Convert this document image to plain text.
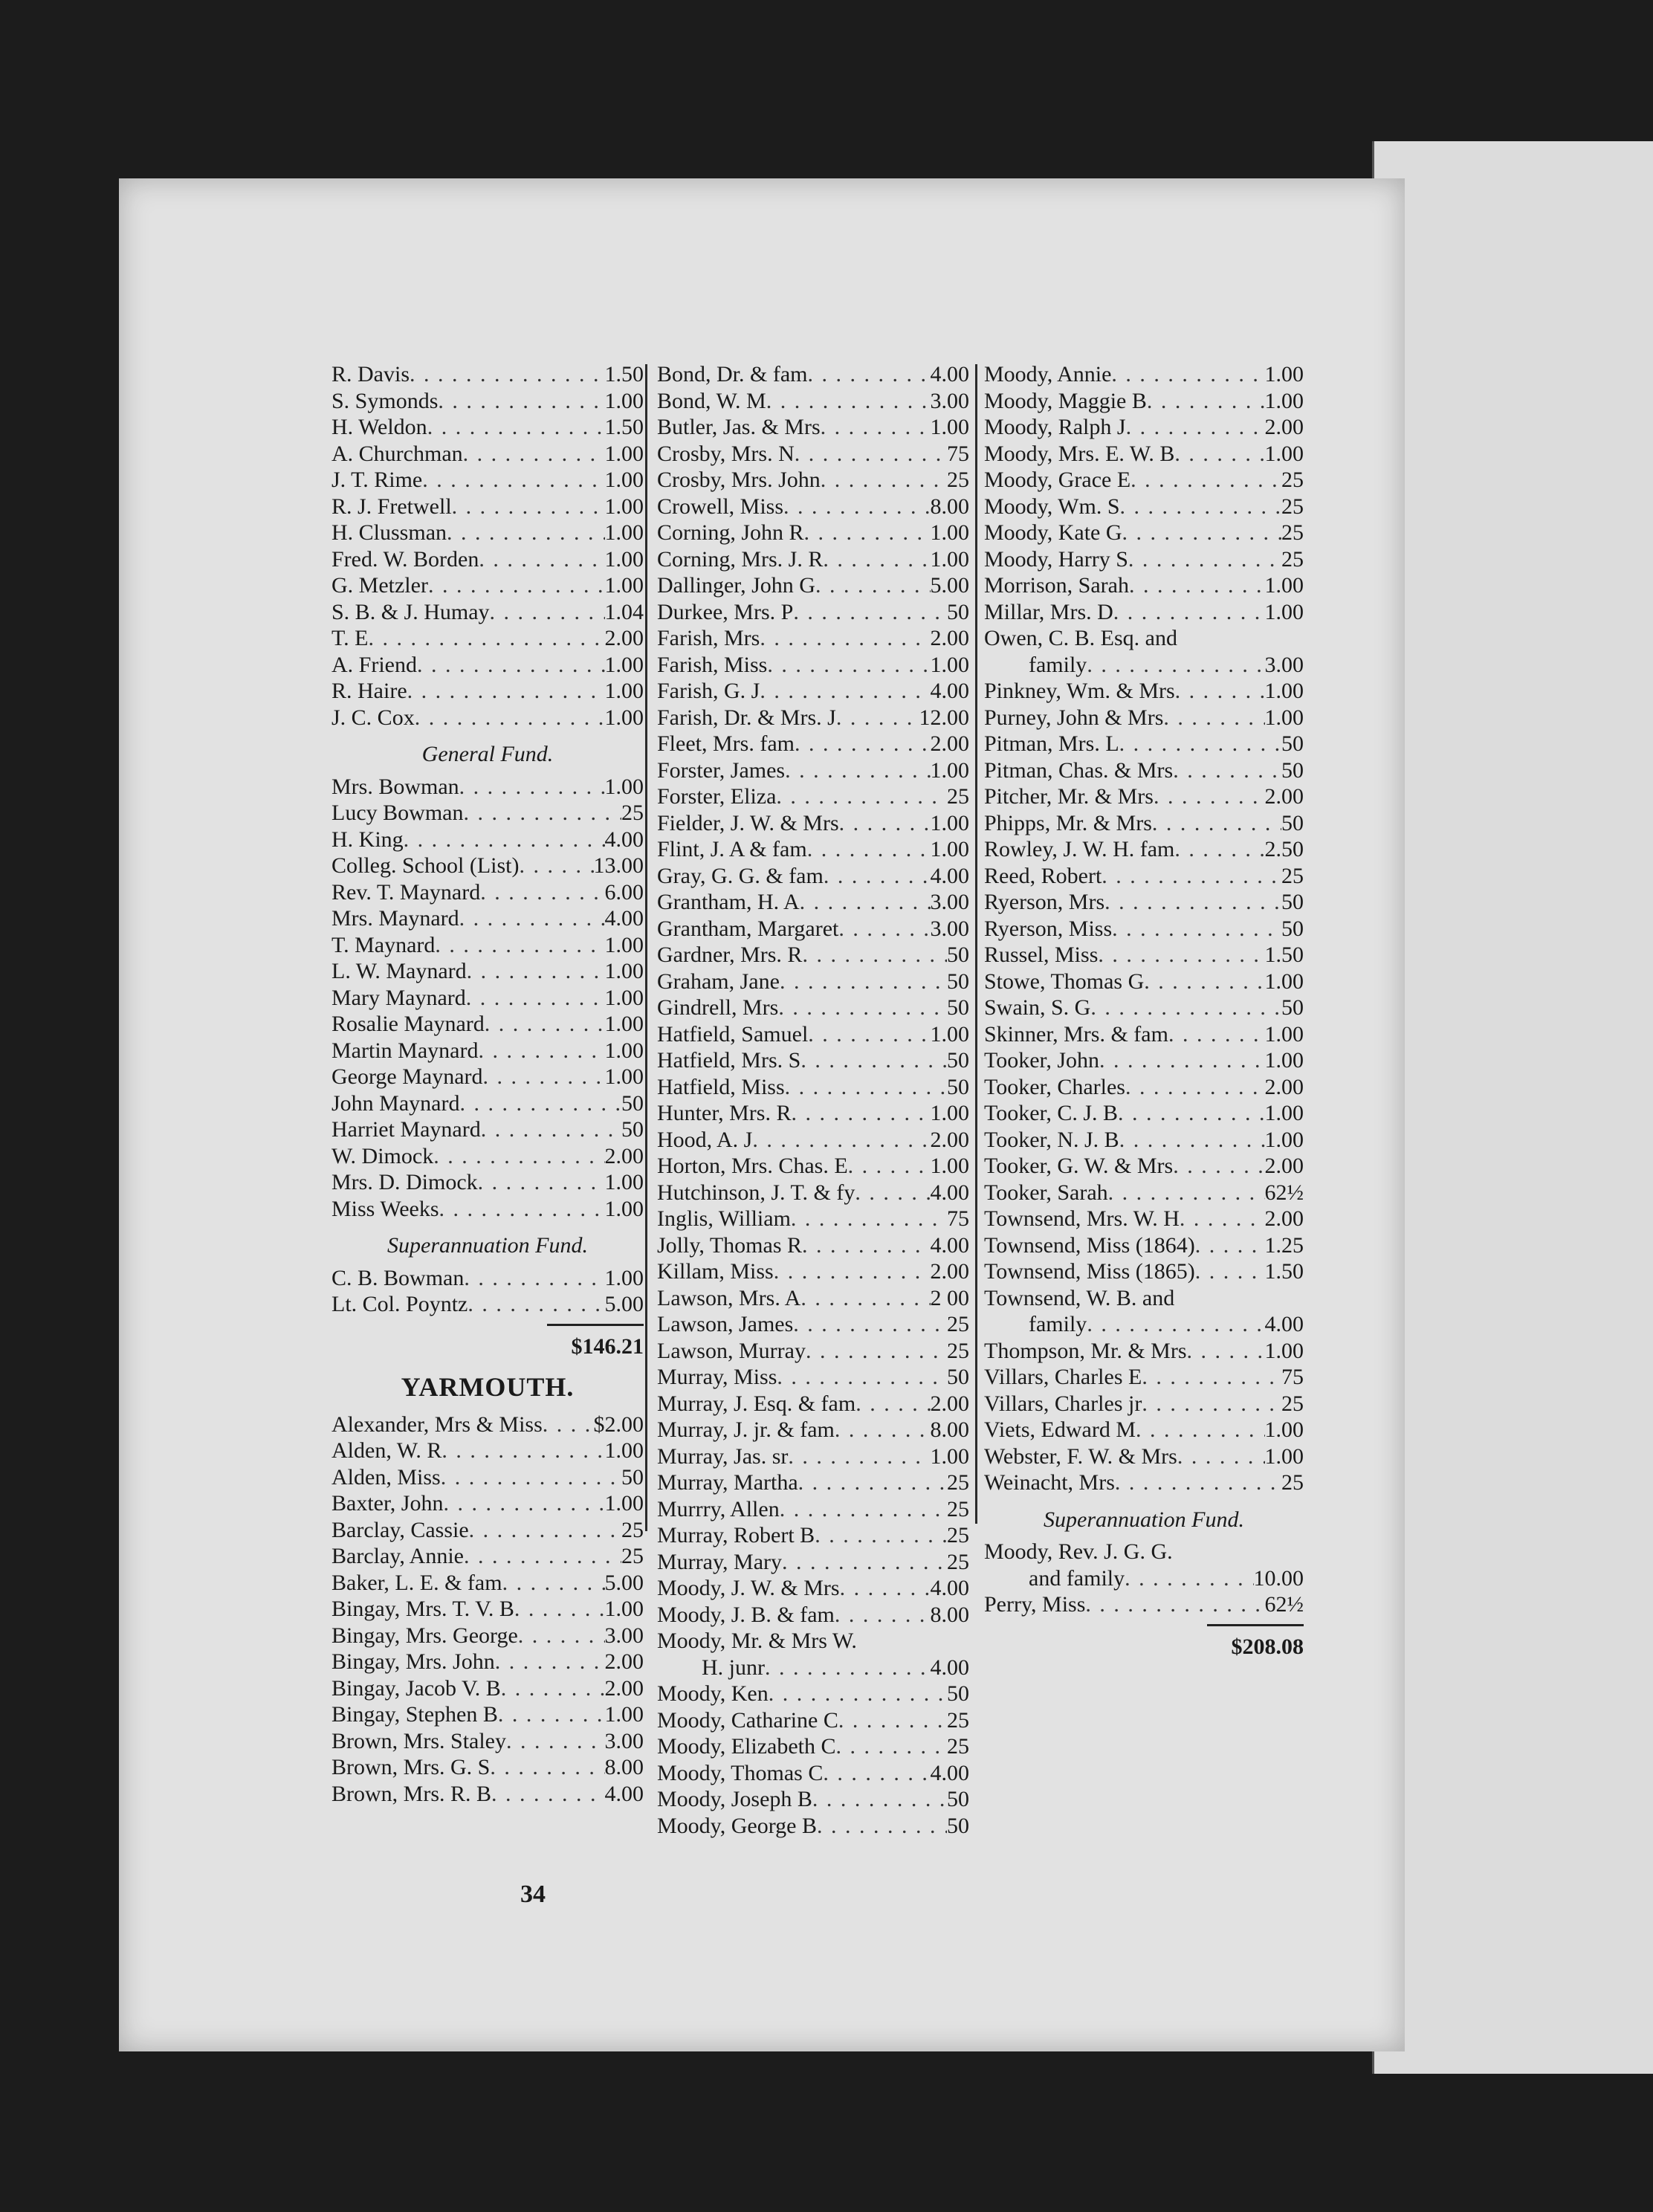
R. Davis . . .	1.50
S. Symonds . . .	1.00
H. Weldon . . .	1.50
A. Churchman . . .	1.00
J. T. Rime . . .	1.00
R. J. Fretwell . . .	1.00
H. Clussman . . .	1.00
Fred. W. Borden . . .	1.00
G. Metzler . . .	1.00
S. B. & J. Humay . . .	1.04
T. E . . .	2.00
A. Friend . . .	1.00
R. Haire . . .	1.00
J. C. Cox . . .	1.00
General Fund.
Mrs. Bowman . . .	1.00
Lucy Bowman . . .	25
H. King . . .	4.00
Colleg. School (List) . . .	13.00
Rev. T. Maynard . . .	6.00
Mrs. Maynard . . .	4.00
T. Maynard . . .	1.00
L. W. Maynard . . .	1.00
Mary Maynard . . .	1.00
Rosalie Maynard . . .	1.00
Martin Maynard . . .	1.00
George Maynard . . .	1.00
John Maynard . . .	50
Harriet Maynard . . .	50
W. Dimock . . .	2.00
Mrs. D. Dimock . . .	1.00
Miss Weeks . . .	1.00
Superannuation Fund.
C. B. Bowman . . .	1.00
Lt. Col. Poyntz . . .	5.00
$146.21
YARMOUTH.
Alexander, Mrs & Miss . . . $2.00
Alden, W. R . . .	1.00
Alden, Miss . . .	50
Baxter, John . . .	1.00
Barclay, Cassie . . .	25
Barclay, Annie . . .	25
Baker, L. E. & fam . . .	5.00
Bingay, Mrs. T. V. B . . .	1.00
Bingay, Mrs. George . . .	3.00
Bingay, Mrs. John . . .	2.00
Bingay, Jacob V. B . . .	2.00
Bingay, Stephen B . . .	1.00
Brown, Mrs. Staley . . .	3.00
Brown, Mrs. G. S . . .	8.00
Brown, Mrs. R. B . . .	4.00
Bond, Dr. & fam . . .	4.00
Bond, W. M . . .	3.00
Butler, Jas. & Mrs . . .	1.00
Crosby, Mrs. N . . .	75
Crosby, Mrs. John . . .	25
Crowell, Miss . . .	8.00
Corning, John R . . .	1.00
Corning, Mrs. J. R . . .	1.00
Dallinger, John G . . .	5.00
Durkee, Mrs. P . . .	50
Farish, Mrs . . .	2.00
Farish, Miss . . .	1.00
Farish, G. J . . .	4.00
Farish, Dr. & Mrs. J . . .	12.00
Fleet, Mrs. fam . . .	2.00
Forster, James . . .	1.00
Forster, Eliza . . .	25
Fielder, J. W. & Mrs . . .	1.00
Flint, J. A & fam . . .	1.00
Gray, G. G. & fam . . .	4.00
Grantham, H. A . . .	3.00
Grantham, Margaret . . .	3.00
Gardner, Mrs. R . . .	50
Graham, Jane . . .	50
Gindrell, Mrs . . .	50
Hatfield, Samuel . . .	1.00
Hatfield, Mrs. S . . .	50
Hatfield, Miss . . .	50
Hunter, Mrs. R . . .	1.00
Hood, A. J . . .	2.00
Horton, Mrs. Chas. E . . .	1.00
Hutchinson, J. T. & fy . . .	4.00
Inglis, William . . .	75
Jolly, Thomas R . . .	4.00
Killam, Miss . . .	2.00
Lawson, Mrs. A . . .	2 00
Lawson, James . . .	25
Lawson, Murray . . .	25
Murray, Miss . . .	50
Murray, J. Esq. & fam . . .	2.00
Murray, J. jr. & fam . . .	8.00
Murray, Jas. sr . . .	1.00
Murray, Martha . . .	25
Murrry, Allen . . .	25
Murray, Robert B . . .	25
Murray, Mary . . .	25
Moody, J. W. & Mrs . . .	4.00
Moody, J. B. & fam . . .	8.00
Moody, Mr. & Mrs W.
H. junr . . .	4.00
Moody, Ken . . .	50
Moody, Catharine C . . .	25
Moody, Elizabeth C . . .	25
Moody, Thomas C . . .	4.00
Moody, Joseph B . . .	50
Moody, George B . . .	50
Moody, Annie . . .	1.00
Moody, Maggie B . . .	1.00
Moody, Ralph J . . .	2.00
Moody, Mrs. E. W. B . . .	1.00
Moody, Grace E . . .	25
Moody, Wm. S . . .	25
Moody, Kate G . . .	25
Moody, Harry S . . .	25
Morrison, Sarah . . .	1.00
Millar, Mrs. D . . .	1.00
Owen, C. B. Esq. and
family . . .	3.00
Pinkney, Wm. & Mrs . . .	1.00
Purney, John & Mrs . . .	1.00
Pitman, Mrs. L . . .	50
Pitman, Chas. & Mrs . . .	50
Pitcher, Mr. & Mrs . . .	2.00
Phipps, Mr. & Mrs . . .	50
Rowley, J. W. H. fam . . .	2.50
Reed, Robert . . .	25
Ryerson, Mrs . . .	50
Ryerson, Miss . . .	50
Russel, Miss . . .	1.50
Stowe, Thomas G . . .	1.00
Swain, S. G . . .	50
Skinner, Mrs. & fam . . .	1.00
Tooker, John . . .	1.00
Tooker, Charles . . .	2.00
Tooker, C. J. B . . .	1.00
Tooker, N. J. B . . .	1.00
Tooker, G. W. & Mrs . . .	2.00
Tooker, Sarah . . .	62½
Townsend, Mrs. W. H . . .	2.00
Townsend, Miss (1864) . . .	1.25
Townsend, Miss (1865) . . .	1.50
Townsend, W. B. and
family . . .	4.00
Thompson, Mr. & Mrs . . .	1.00
Villars, Charles E . . .	75
Villars, Charles jr . . .	25
Viets, Edward M . . .	1.00
Webster, F. W. & Mrs . . .	1.00
Weinacht, Mrs . . .	25
Superannuation Fund.
Moody, Rev. J. G. G.
and family . . .	10.00
Perry, Miss . . .	62½
$208.08
34
